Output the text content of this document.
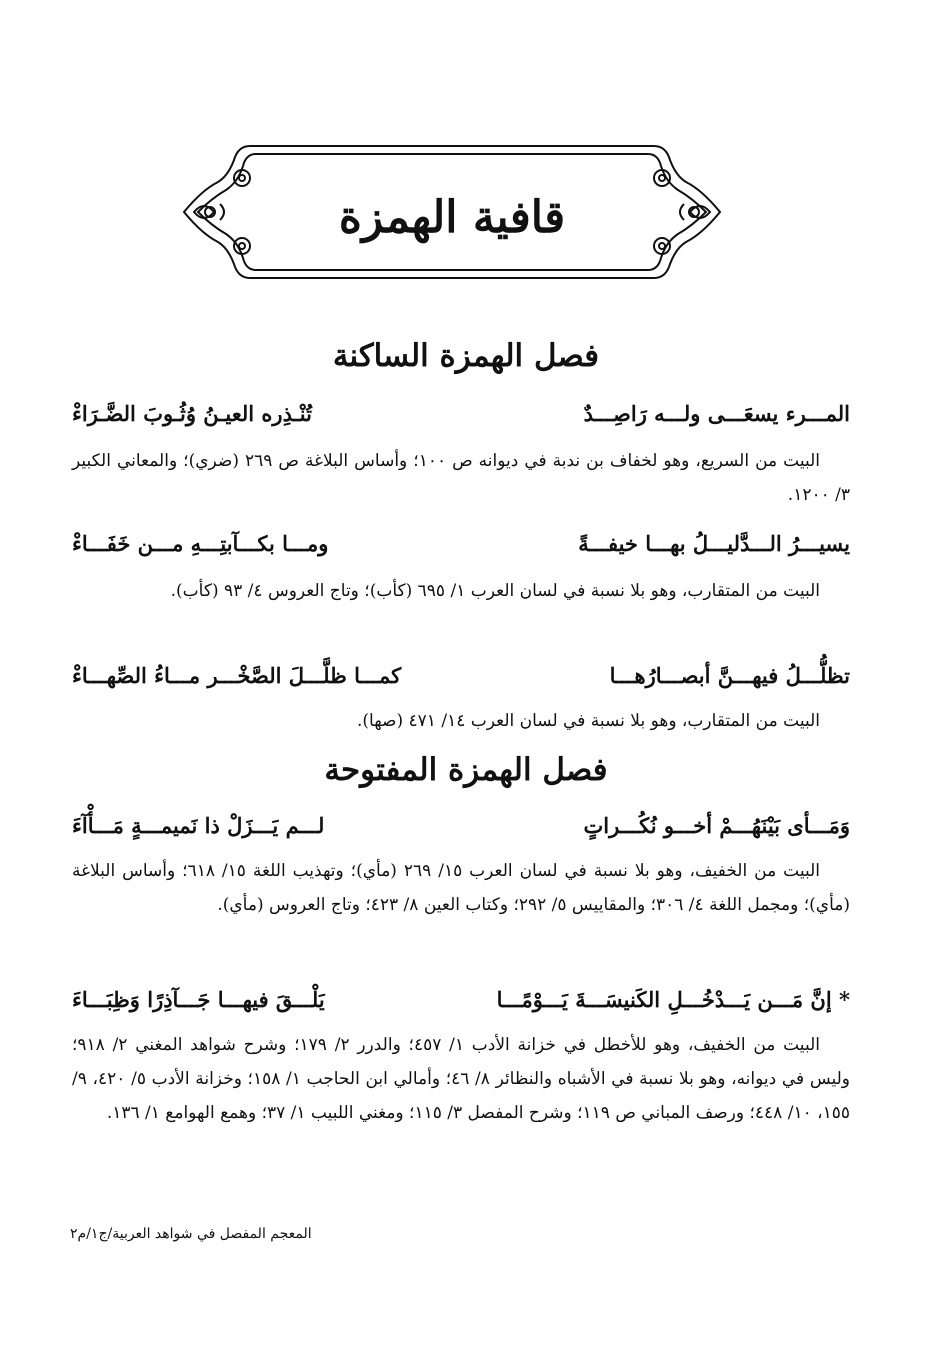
قافية الهمزة
فصل الهمزة الساكنة
المـــرء يسعَـــى ولـــه رَاصِـــدٌ
تُنْـذِره العيـنُ وُثُـوبَ الضَّـرَاءْ
البيت من السريع، وهو لخفاف بن ندبة في ديوانه ص ١٠٠؛ وأساس البلاغة ص ٢٦٩ (ضري)؛ والمعاني الكبير ٣/ ١٢٠٠.
يسيـــرُ الـــدَّليـــلُ بهـــا خيفـــةً
ومـــا بكـــآبتِـــهِ مـــن خَفَـــاءْ
البيت من المتقارب، وهو بلا نسبة في لسان العرب ١/ ٦٩٥ (كأب)؛ وتاج العروس ٤/ ٩٣ (كأب).
تظلُّـــلُ فيهـــنَّ أبصـــارُهـــا
كمـــا ظلَّـــلَ الصَّخْـــر مـــاءُ الصِّهـــاءْ
البيت من المتقارب، وهو بلا نسبة في لسان العرب ١٤/ ٤٧١ (صها).
فصل الهمزة المفتوحة
وَمَـــأى بَيْنَهُـــمْ أخـــو نُكُـــراتٍ
لـــم يَـــزَلْ ذا نَميمـــةٍ مَـــأْآءَ
البيت من الخفيف، وهو بلا نسبة في لسان العرب ١٥/ ٢٦٩ (مأي)؛ وتهذيب اللغة ١٥/ ٦١٨؛ وأساس البلاغة (مأي)؛ ومجمل اللغة ٤/ ٣٠٦؛ والمقاييس ٥/ ٢٩٢؛ وكتاب العين ٨/ ٤٢٣؛ وتاج العروس (مأي).
* إنَّ مَـــن يَـــدْخُـــلِ الكَنيسَـــةَ يَـــوْمًـــا
يَلْـــقَ فيهـــا جَـــآذِرًا وَظِبَـــاءَ
البيت من الخفيف، وهو للأخطل في خزانة الأدب ١/ ٤٥٧؛ والدرر ٢/ ١٧٩؛ وشرح شواهد المغني ٢/ ٩١٨؛ وليس في ديوانه، وهو بلا نسبة في الأشباه والنظائر ٨/ ٤٦؛ وأمالي ابن الحاجب ١/ ١٥٨؛ وخزانة الأدب ٥/ ٤٢٠، ٩/ ١٥٥، ١٠/ ٤٤٨؛ ورصف المباني ص ١١٩؛ وشرح المفصل ٣/ ١١٥؛ ومغني اللبيب ١/ ٣٧؛ وهمع الهوامع ١/ ١٣٦.
المعجم المفصل في شواهد العربية/ج١/م٢
